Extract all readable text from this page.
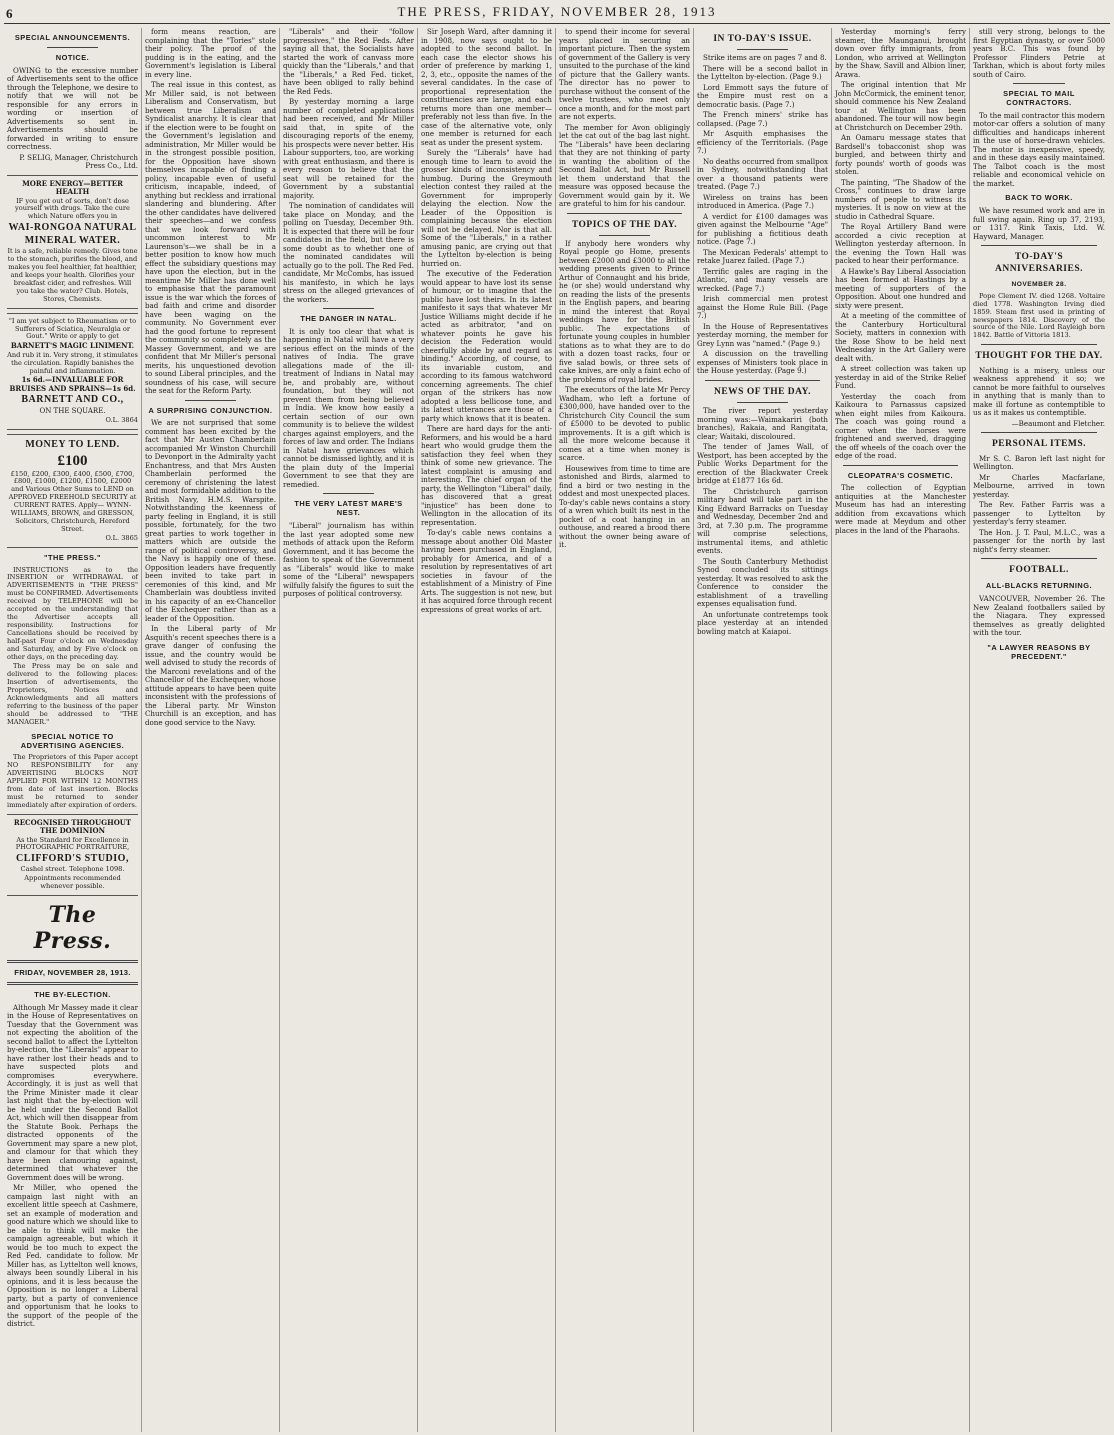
6	THE PRESS, FRIDAY, NOVEMBER 28, 1913
SPECIAL ANNOUNCEMENTS.
NOTICE.

OWING to the excessive number of Advertisements sent to the office through the Telephone, we desire to notify that we will not be responsible for any errors in wording or insertion of Advertisements so sent in. Advertisements should be forwarded in writing to ensure correctness.

P. SELIG, Manager, Christchurch Press Co., Ltd.

MORE ENERGY—BETTER HEALTH

IF you get out of sorts, don't dose yourself with drugs. Take the cure which Nature offers you in

WAI-RONGOA NATURAL

MINERAL WATER.

It is a safe, reliable remedy. Gives tone to the stomach, purifies the blood, and makes you feel healthier, fat healthier, and keeps your health. Glorifies your breakfast cider, and refreshes. Will you take the water? Club. Hotels, Stores, Chemists.

"I am yet subject to Rheumatism or to Sufferers of Sciatica, Neuralgia or Gout." Write or apply to get

BARNETT'S MAGIC LINIMENT.

And rub it in. Very strong, it stimulates the circulation. Rapidly banishes the painful and inflammation.

1s 6d.—INVALUABLE FOR BRUISES AND SPRAINS—1s 6d.

BARNETT AND CO.,

ON THE SQUARE.

O.L. 3864

MONEY TO LEND.

£100

£150, £200, £300, £400, £500, £700, £800, £1000, £1200, £1500, £2000 and Various Other Sums to LEND on APPROVED FREEHOLD SECURITY at CURRENT RATES. Apply— WYNN-WILLIAMS, BROWN, and GRESSON, Solicitors, Christchurch, Hereford Street.

O.L. 3865

"THE PRESS."

INSTRUCTIONS as to the INSERTION or WITHDRAWAL of ADVERTISEMENTS in "THE PRESS" must be CONFIRMED. Advertisements received by TELEPHONE will be accepted on the understanding that the Advertiser accepts all responsibility. Instructions for Cancellations should be received by half-past Four o'clock on Wednesday and Saturday, and by Five o'clock on other days, on the preceding day.

The Press may be on sale and delivered to the following places: Insertion of advertisements, the Proprietors, Notices and Acknowledgments and all matters referring to the business of the paper should be addressed to "THE MANAGER."

SPECIAL NOTICE TO ADVERTISING AGENCIES.

The Proprietors of this Paper accept NO RESPONSIBILITY for any ADVERTISING BLOCKS NOT APPLIED FOR WITHIN 12 MONTHS from date of last insertion. Blocks must be returned to sender immediately after expiration of orders.

RECOGNISED THROUGHOUT THE DOMINION

As the Standard for Excellence in PHOTOGRAPHIC PORTRAITURE,

CLIFFORD'S STUDIO,

Cashel street. Telephone 1098.

Appointments recommended whenever possible.

The Press.
FRIDAY, NOVEMBER 28, 1913.
THE BY-ELECTION.

Although Mr Massey made it clear in the House of Representatives on Tuesday that the Government was not expecting the abolition of the second ballot to affect the Lyttelton by-election, the "Liberals" appear to have rather lost their heads and to have suspected plots and compromises everywhere. Accordingly, it is just as well that the Prime Minister made it clear last night that the by-election will be held under the Second Ballot Act, which will then disappear from the Statute Book. Perhaps the distracted opponents of the Government may spare a new plot, and clamour for that which they have been clamouring against, determined that whatever the Government does will be wrong.

Mr Miller, who opened the campaign last night with an excellent little speech at Cashmere, set an example of moderation and good nature which we should like to be able to think will make the campaign agreeable, but which it would be too much to expect the Red Fed. candidate to follow. Mr Miller has, as Lyttelton well knows, always been soundly Liberal in his opinions, and it is less because the Opposition is no longer a Liberal party, but a party of convenience and opportunism that he looks to the support of the people of the district.

form means reaction, are complaining that the "Tories" stole their policy. The proof of the pudding is in the eating, and the Government's legislation is Liberal in every line.

The real issue in this contest, as Mr Miller said, is not between Liberalism and Conservatism, but between true Liberalism and Syndicalist anarchy. It is clear that if the election were to be fought on the Government's legislation and administration, Mr Miller would be in the strongest possible position, for the Opposition have shown themselves incapable of finding a policy, incapable even of useful criticism, incapable, indeed, of anything but reckless and irrational slandering and blundering. After the other candidates have delivered their speeches—and we confess that we look forward with uncommon interest to Mr Laurenson's—we shall be in a better position to know how much effect the subsidiary questions may have upon the election, but in the meantime Mr Miller has done well to emphasise that the paramount issue is the war which the forces of bad faith and crime and disorder have been waging on the community. No Government ever had the good fortune to represent the community so completely as the Massey Government, and we are confident that Mr Miller's personal merits, his unquestioned devotion to sound Liberal principles, and the soundness of his case, will secure the seat for the Reform Party.

A SURPRISING CONJUNCTION.

We are not surprised that some comment has been excited by the fact that Mr Austen Chamberlain accompanied Mr Winston Churchill to Devonport in the Admiralty yacht Enchantress, and that Mrs Austen Chamberlain performed the ceremony of christening the latest and most formidable addition to the British Navy, H.M.S. Warspite. Notwithstanding the keenness of party feeling in England, it is still possible, fortunately, for the two great parties to work together in matters which are outside the range of political controversy, and the Navy is happily one of these. Opposition leaders have frequently been invited to take part in ceremonies of this kind, and Mr Chamberlain was doubtless invited in his capacity of an ex-Chancellor of the Exchequer rather than as a leader of the Opposition.

In the Liberal party of Mr Asquith's recent speeches there is a grave danger of confusing the issue, and the country would be well advised to study the records of the Marconi revelations and of the Chancellor of the Exchequer, whose attitude appears to have been quite inconsistent with the professions of the Liberal party. Mr Winston Churchill is an exception, and has done good service to the Navy.

"Liberals" and their "follow progressives," the Red Feds. After saying all that, the Socialists have started the work of canvass more quickly than the "Liberals," and that the "Liberals," a Red Fed. ticket, have been obliged to rally behind the Red Feds.

By yesterday morning a large number of completed applications had been received, and Mr Miller said that, in spite of the discouraging reports of the enemy, his prospects were never better. His Labour supporters, too, are working with great enthusiasm, and there is every reason to believe that the seat will be retained for the Government by a substantial majority.

The nomination of candidates will take place on Monday, and the polling on Tuesday, December 9th. It is expected that there will be four candidates in the field, but there is some doubt as to whether one of the nominated candidates will actually go to the poll. The Red Fed. candidate, Mr McCombs, has issued his manifesto, in which he lays stress on the alleged grievances of the workers.

THE DANGER IN NATAL.

It is only too clear that what is happening in Natal will have a very serious effect on the minds of the natives of India. The grave allegations made of the ill-treatment of Indians in Natal may be, and probably are, without foundation, but they will not prevent them from being believed in India. We know how easily a certain section of our own community is to believe the wildest charges against employers, and the forces of law and order. The Indians in Natal have grievances which cannot be dismissed lightly, and it is the plain duty of the Imperial Government to see that they are remedied.

THE VERY LATEST MARE'S NEST.

"Liberal" journalism has within the last year adopted some new methods of attack upon the Reform Government, and it has become the fashion to speak of the Government as "Liberals" would like to make some of the "Liberal" newspapers wilfully falsify the figures to suit the purposes of political controversy.

Sir Joseph Ward, after damning it in 1908, now says ought to be adopted to the second ballot. In each case the elector shows his order of preference by marking 1, 2, 3, etc., opposite the names of the several candidates. In the case of proportional representation the constituencies are large, and each returns more than one member—preferably not less than five. In the case of the alternative vote, only one member is returned for each seat as under the present system.

Surely the "Liberals" have had enough time to learn to avoid the grosser kinds of inconsistency and humbug. During the Greymouth election contest they railed at the Government for improperly delaying the election. Now the Leader of the Opposition is complaining because the election will not be delayed. Nor is that all. Some of the "Liberals," in a rather amusing panic, are crying out that the Lyttelton by-election is being hurried on.

The executive of the Federation would appear to have lost its sense of humour, or to imagine that the public have lost theirs. In its latest manifesto it says that whatever Mr Justice Williams might decide if he acted as arbitrator, "and on whatever points he gave his decision the Federation would cheerfully abide by and regard as binding." According, of course, to its invariable custom, and according to its famous watchword concerning agreements. The chief organ of the strikers has now adopted a less bellicose tone, and its latest utterances are those of a party which knows that it is beaten.

There are hard days for the anti-Reformers, and his would be a hard heart who would grudge them the satisfaction they feel when they think of some new grievance. The latest complaint is amusing and interesting. The chief organ of the party, the Wellington "Liberal" daily, has discovered that a great "injustice" has been done to Wellington in the allocation of its representation.

To-day's cable news contains a message about another Old Master having been purchased in England, probably for America, and of a resolution by representatives of art societies in favour of the establishment of a Ministry of Fine Arts. The suggestion is not new, but it has acquired force through recent expressions of great works of art.

to spend their income for several years placed in securing an important picture. Then the system of government of the Gallery is very unsuited to the purchase of the kind of picture that the Gallery wants. The director has no power to purchase without the consent of the twelve trustees, who meet only once a month, and for the most part are not experts.

The member for Avon obligingly let the cat out of the bag last night. The "Liberals" have been declaring that they are not thinking of party in wanting the abolition of the Second Ballot Act, but Mr Russell let them understand that the measure was opposed because the Government would gain by it. We are grateful to him for his candour.

TOPICS OF THE DAY.

If anybody here wonders why Royal people go Home, presents between £2000 and £3000 to all the wedding presents given to Prince Arthur of Connaught and his bride, he (or she) would understand why on reading the lists of the presents in the English papers, and bearing in mind the interest that Royal weddings have for the British public. The expectations of fortunate young couples in humbler stations as to what they are to do with a dozen toast racks, four or five salad bowls, or three sets of cake knives, are only a faint echo of the problems of royal brides.

The executors of the late Mr Percy Wadham, who left a fortune of £300,000, have handed over to the Christchurch City Council the sum of £5000 to be devoted to public improvements. It is a gift which is all the more welcome because it comes at a time when money is scarce.

Housewives from time to time are astonished and Birds, alarmed to find a bird or two nesting in the oddest and most unexpected places. To-day's cable news contains a story of a wren which built its nest in the pocket of a coat hanging in an outhouse, and reared a brood there without the owner being aware of it.

IN TO-DAY'S ISSUE.

Strike items are on pages 7 and 8.

There will be a second ballot in the Lyttelton by-election. (Page 9.)

Lord Emmott says the future of the Empire must rest on a democratic basis. (Page 7.)

The French miners' strike has collapsed. (Page 7.)

Mr Asquith emphasises the efficiency of the Territorials. (Page 7.)

No deaths occurred from smallpox in Sydney, notwithstanding that over a thousand patients were treated. (Page 7.)

Wireless on trains has been introduced in America. (Page 7.)

A verdict for £100 damages was given against the Melbourne "Age" for publishing a fictitious death notice. (Page 7.)

The Mexican Federals' attempt to retake Juarez failed. (Page 7.)

Terrific gales are raging in the Atlantic, and many vessels are wrecked. (Page 7.)

Irish commercial men protest against the Home Rule Bill. (Page 7.)

In the House of Representatives yesterday morning, the member for Grey Lynn was "named." (Page 9.)

A discussion on the travelling expenses of Ministers took place in the House yesterday. (Page 9.)

NEWS OF THE DAY.

The river report yesterday morning was:—Waimakariri (both branches), Rakaia, and Rangitata, clear; Waitaki, discoloured.

The tender of James Wall, of Westport, has been accepted by the Public Works Department for the erection of the Blackwater Creek bridge at £1877 16s 6d.

The Christchurch garrison military band will take part in the King Edward Barracks on Tuesday and Wednesday, December 2nd and 3rd, at 7.30 p.m. The programme will comprise selections, instrumental items, and athletic events.

The South Canterbury Methodist Synod concluded its sittings yesterday. It was resolved to ask the Conference to consider the establishment of a travelling expenses equalisation fund.

An unfortunate contretemps took place yesterday at an intended bowling match at Kaiapoi.

Yesterday morning's ferry steamer, the Maunganui, brought down over fifty immigrants, from London, who arrived at Wellington by the Shaw, Savill and Albion liner, Arawa.

The original intention that Mr John McCormick, the eminent tenor, should commence his New Zealand tour at Wellington has been abandoned. The tour will now begin at Christchurch on December 29th.

An Oamaru message states that Bardsell's tobacconist shop was burgled, and between thirty and forty pounds' worth of goods was stolen.

The painting, "The Shadow of the Cross," continues to draw large numbers of people to witness its mysteries. It is now on view at the studio in Cathedral Square.

The Royal Artillery Band were accorded a civic reception at Wellington yesterday afternoon. In the evening the Town Hall was packed to hear their performance.

A Hawke's Bay Liberal Association has been formed at Hastings by a meeting of supporters of the Opposition. About one hundred and sixty were present.

At a meeting of the committee of the Canterbury Horticultural Society, matters in connexion with the Rose Show to be held next Wednesday in the Art Gallery were dealt with.

A street collection was taken up yesterday in aid of the Strike Relief Fund.

Yesterday the coach from Kaikoura to Parnassus capsized when eight miles from Kaikoura. The coach was going round a corner when the horses were frightened and swerved, dragging the off wheels of the coach over the edge of the road.

CLEOPATRA'S COSMETIC.

The collection of Egyptian antiquities at the Manchester Museum has had an interesting addition from excavations which were made at Meydum and other places in the land of the Pharaohs.

still very strong, belongs to the first Egyptian dynasty, or over 5000 years B.C. This was found by Professor Flinders Petrie at Tarkhan, which is about forty miles south of Cairo.

SPECIAL TO MAIL CONTRACTORS.

To the mail contractor this modern motor-car offers a solution of many difficulties and handicaps inherent in the use of horse-drawn vehicles. The motor is inexpensive, speedy, and in these days easily maintained. The Talbot coach is the most reliable and economical vehicle on the market.

BACK TO WORK.

We have resumed work and are in full swing again. Ring up 37, 2193, or 1317. Rink Taxis, Ltd. W. Hayward, Manager.

TO-DAY'S ANNIVERSARIES.
NOVEMBER 28.

Pope Clement IV. died 1268. Voltaire died 1778. Washington Irving died 1859. Steam first used in printing of newspapers 1814. Discovery of the source of the Nile. Lord Rayleigh born 1842. Battle of Vittoria 1813.

THOUGHT FOR THE DAY.

Nothing is a misery, unless our weakness apprehend it so; we cannot be more faithful to ourselves in anything that is manly than to make ill fortune as contemptible to us as it makes us contemptible.

—Beaumont and Fletcher.

PERSONAL ITEMS.

Mr S. C. Baron left last night for Wellington.

Mr Charles Macfarlane, Melbourne, arrived in town yesterday.

The Rev. Father Farris was a passenger to Lyttelton by yesterday's ferry steamer.

The Hon. J. T. Paul, M.L.C., was a passenger for the north by last night's ferry steamer.

FOOTBALL.
ALL-BLACKS RETURNING.

VANCOUVER, November 26. The New Zealand footballers sailed by the Niagara. They expressed themselves as greatly delighted with the tour.

"A LAWYER REASONS BY PRECEDENT."
